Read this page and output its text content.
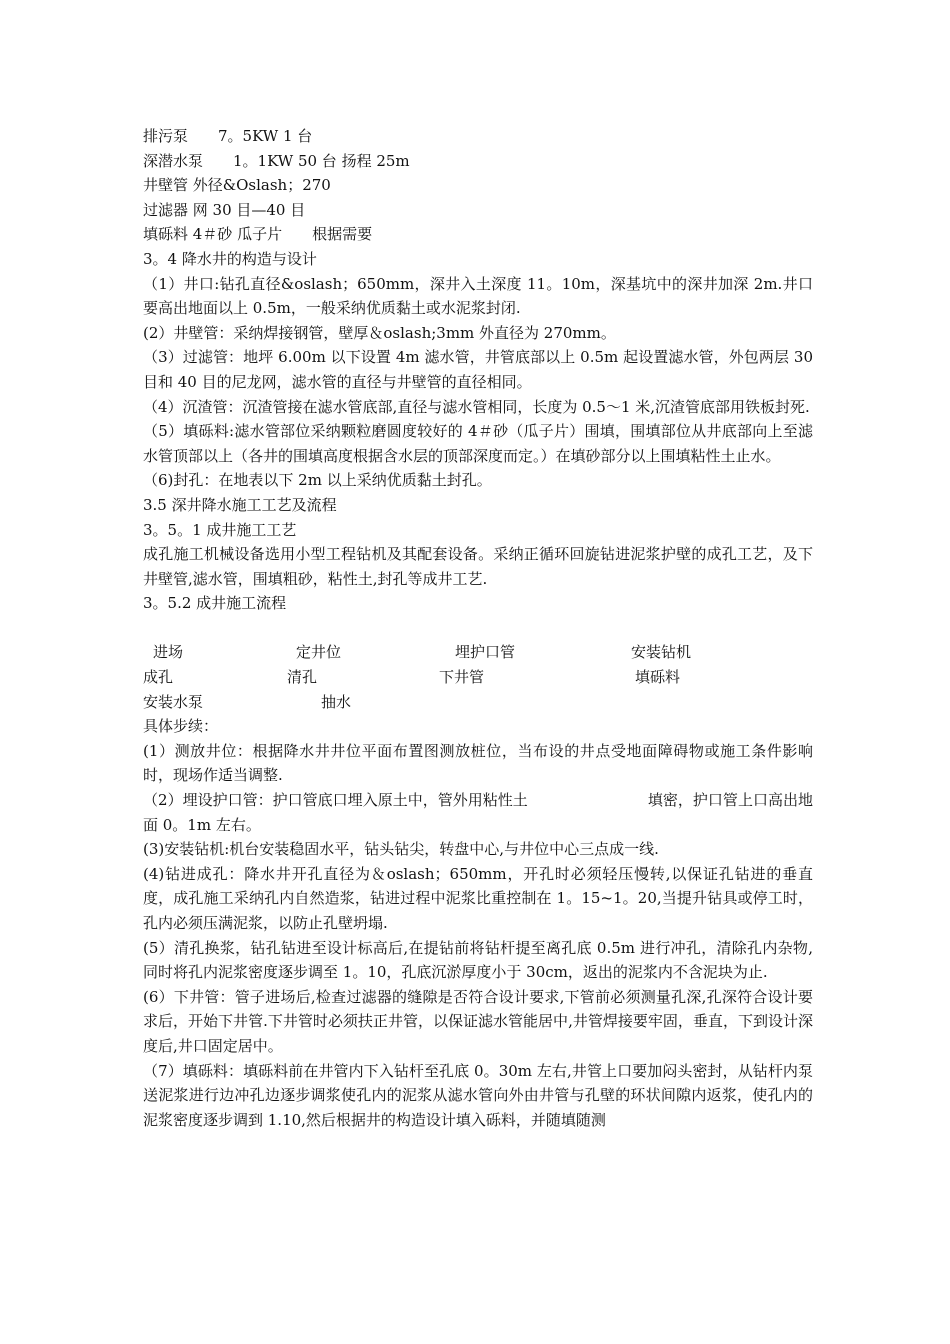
排污泵　　7。5KW 1 台
深潜水泵　　1。1KW 50 台 扬程 25m
井壁管 外径&Oslash；270
过滤器 网 30 目—40 目
填砾料 4＃砂 瓜子片　　根据需要
3。4 降水井的构造与设计
（1）井口:钻孔直径&oslash；650mm，深井入土深度 11。10m，深基坑中的深井加深 2m.井口要高出地面以上 0.5m，一般采纳优质黏土或水泥浆封闭.
(2）井壁管：采纳焊接钢管，壁厚＆oslash;3mm 外直径为 270mm。
（3）过滤管：地坪 6.00m 以下设置 4m 滤水管，井管底部以上 0.5m 起设置滤水管，外包两层 30 目和 40 目的尼龙网，滤水管的直径与井壁管的直径相同。
（4）沉渣管：沉渣管接在滤水管底部,直径与滤水管相同，长度为 0.5～1 米,沉渣管底部用铁板封死.
（5）填砾料:滤水管部位采纳颗粒磨圆度较好的 4＃砂（瓜子片）围填，围填部位从井底部向上至滤水管顶部以上（各井的围填高度根据含水层的顶部深度而定。）在填砂部分以上围填粘性土止水。
（6)封孔：在地表以下 2m 以上采纳优质黏土封孔。
3.5 深井降水施工工艺及流程
3。5。1 成井施工工艺
成孔施工机械设备选用小型工程钻机及其配套设备。采纳正循环回旋钻进泥浆护壁的成孔工艺，及下井壁管,滤水管，围填粗砂，粘性土,封孔等成井工艺.
3。5.2 成井施工流程
进场	定井位	埋护口管	安装钻机
成孔	清孔	下井管	填砾料
安装水泵	抽水
具体步续：
(1）测放井位：根据降水井井位平面布置图测放桩位，当布设的井点受地面障碍物或施工条件影响时，现场作适当调整.
（2）埋设护口管：护口管底口埋入原土中，管外用粘性土　　　　　　　　填密，护口管上口高出地面 0。1m 左右。
(3)安装钻机:机台安装稳固水平，钻头钻尖，转盘中心,与井位中心三点成一线.
(4)钻进成孔：降水井开孔直径为＆oslash；650mm，开孔时必须轻压慢转,以保证孔钻进的垂直度，成孔施工采纳孔内自然造浆，钻进过程中泥浆比重控制在 1。15~1。20,当提升钻具或停工时，孔内必须压满泥浆，以防止孔壁坍塌.
(5）清孔换浆，钻孔钻进至设计标高后,在提钻前将钻杆提至离孔底 0.5m 进行冲孔，清除孔内杂物,同时将孔内泥浆密度逐步调至 1。10，孔底沉淤厚度小于 30cm，返出的泥浆内不含泥块为止.
(6）下井管：管子进场后,检查过滤器的缝隙是否符合设计要求,下管前必须测量孔深,孔深符合设计要求后，开始下井管.下井管时必须扶正井管，以保证滤水管能居中,井管焊接要牢固，垂直，下到设计深度后,井口固定居中。
（7）填砾料：填砾料前在井管内下入钻杆至孔底 0。30m 左右,井管上口要加闷头密封，从钻杆内泵送泥浆进行边冲孔边逐步调浆使孔内的泥浆从滤水管向外由井管与孔壁的环状间隙内返浆，使孔内的泥浆密度逐步调到 1.10,然后根据井的构造设计填入砾料，并随填随测
